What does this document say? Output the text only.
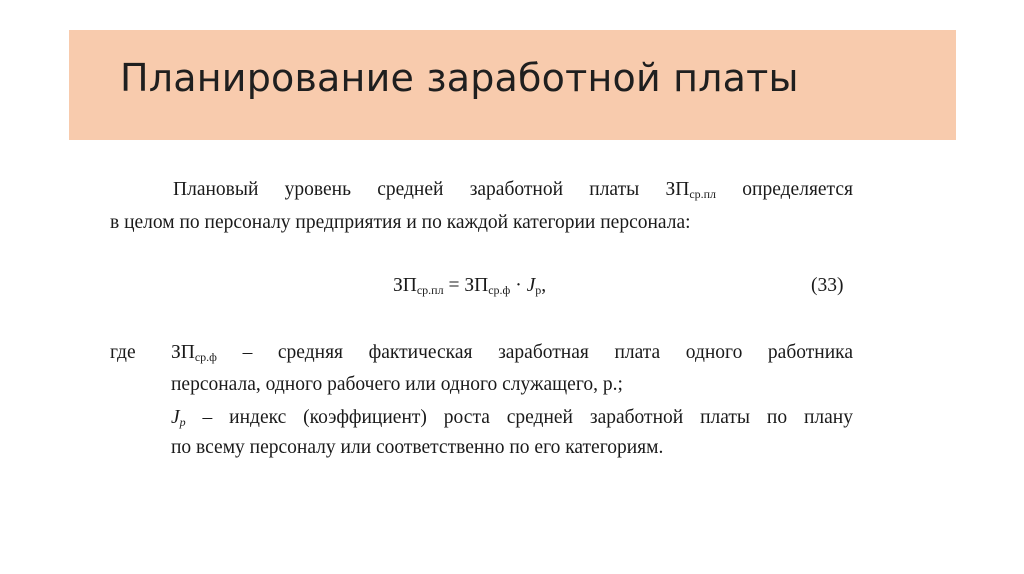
Планирование заработной платы
Плановый уровень средней заработной платы $ЗП_{ср.пл}$ определяется
в целом по персоналу предприятия и по каждой категории персонала:
$ЗП_{ср.пл} = ЗП_{ср.ф} \cdot J_р$,	(33)
где $ЗП_{ср.ф}$ – средняя фактическая заработная плата одного работника
персонала, одного рабочего или одного служащего, р.;
$J_р$ – индекс (коэффициент) роста средней заработной платы по плану
по всему персоналу или соответственно по его категориям.
